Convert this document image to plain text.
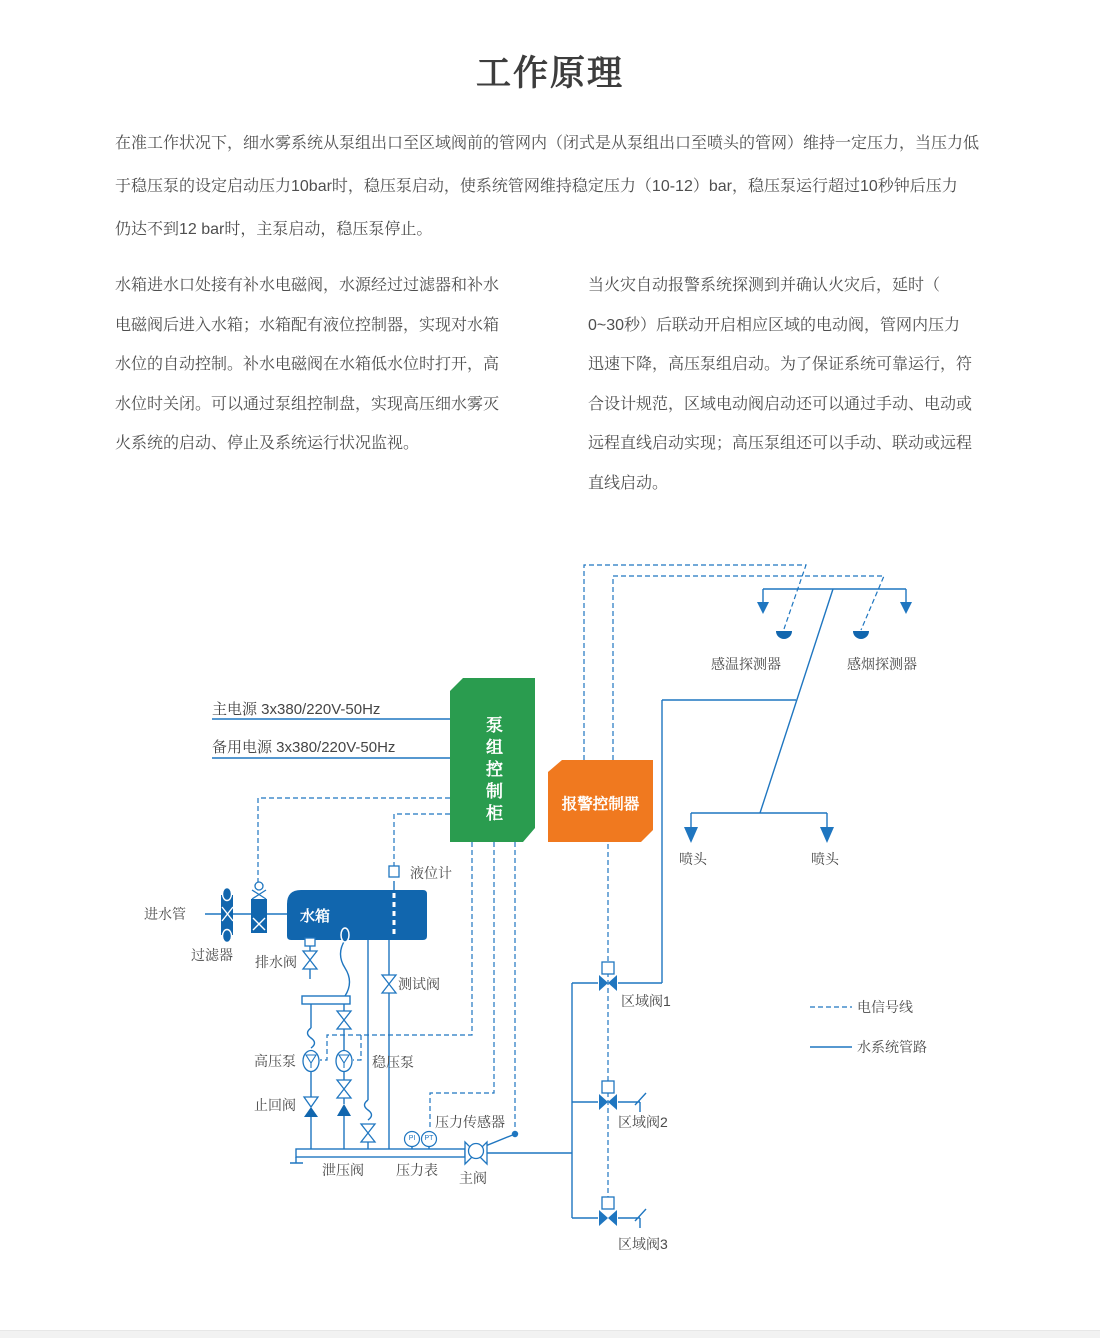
工作原理
在准工作状况下，细水雾系统从泵组出口至区域阀前的管网内（闭式是从泵组出口至喷头的管网）维持一定压力，当压力低
于稳压泵的设定启动压力10bar时，稳压泵启动，使系统管网维持稳定压力（10-12）bar，稳压泵运行超过10秒钟后压力
仍达不到12 bar时，主泵启动，稳压泵停止。
水箱进水口处接有补水电磁阀，水源经过过滤器和补水
电磁阀后进入水箱；水箱配有液位控制器，实现对水箱
水位的自动控制。补水电磁阀在水箱低水位时打开，高
水位时关闭。可以通过泵组控制盘，实现高压细水雾灭
火系统的启动、停止及系统运行状况监视。
当火灾自动报警系统探测到并确认火灾后，延时（
0~30秒）后联动开启相应区域的电动阀，管网内压力
迅速下降，高压泵组启动。为了保证系统可靠运行，符
合设计规范，区域电动阀启动还可以通过手动、电动或
远程直线启动实现；高压泵组还可以手动、联动或远程
直线启动。
泵组控制柜	报警控制器
水箱
主电源 3x380/220V-50Hz
备用电源 3x380/220V-50Hz
进水管
过滤器 排水阀
液位计
测试阀
高压泵	稳压泵
止回阀
泄压阀 压力表 主阀
压力传感器
区域阀1
区域阀2
区域阀3
感温探测器	感烟探测器
喷头	喷头
电信号线
水系统管路
PI	PT
